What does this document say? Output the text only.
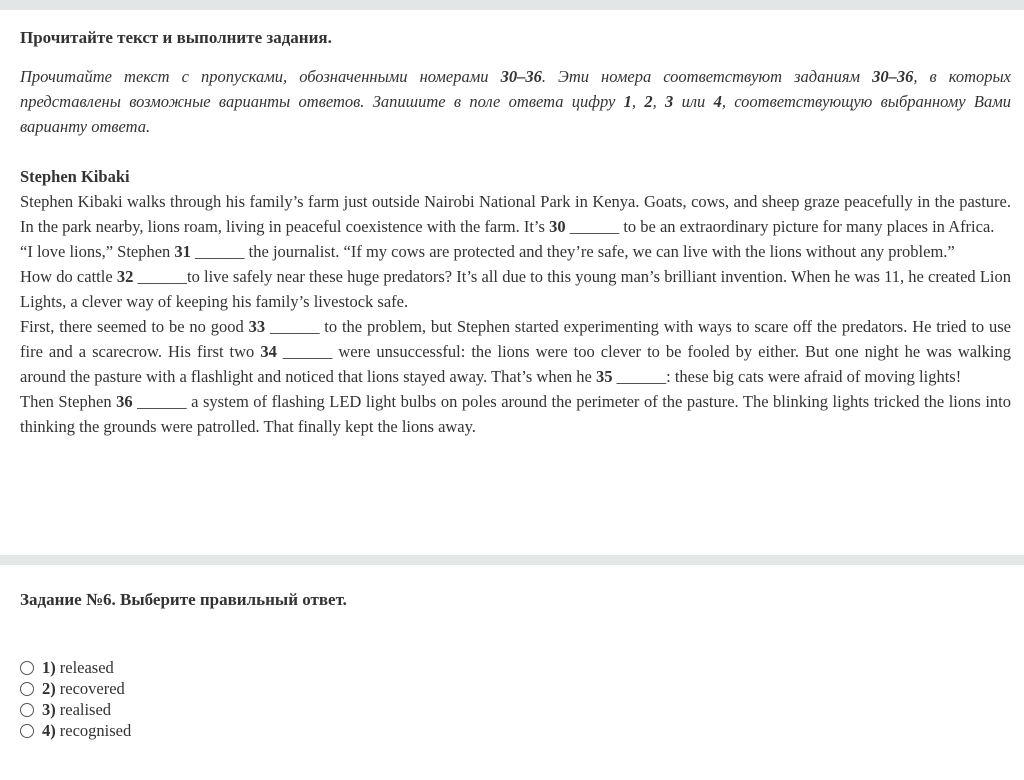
Прочитайте текст и выполните задания.

Прочитайте текст с пропусками, обозначенными номерами 30–36. Эти номера соответствуют заданиям 30–36, в которых представлены возможные варианты ответов. Запишите в поле ответа цифру 1, 2, 3 или 4, соответствующую выбранному Вами варианту ответа.

Stephen Kibaki

Stephen Kibaki walks through his family’s farm just outside Nairobi National Park in Kenya. Goats, cows, and sheep graze peacefully in the pasture. In the park nearby, lions roam, living in peaceful coexistence with the farm. It’s 30 ______ to be an extraordinary picture for many places in Africa.

“I love lions,” Stephen 31 ______ the journalist. “If my cows are protected and they’re safe, we can live with the lions without any problem.”

How do cattle 32 ______to live safely near these huge predators? It’s all due to this young man’s brilliant invention. When he was 11, he created Lion Lights, a clever way of keeping his family’s livestock safe.

First, there seemed to be no good 33 ______ to the problem, but Stephen started experimenting with ways to scare off the predators. He tried to use fire and a scarecrow. His first two 34 ______ were unsuccessful: the lions were too clever to be fooled by either. But one night he was walking around the pasture with a flashlight and noticed that lions stayed away. That’s when he 35 ______: these big cats were afraid of moving lights!

Then Stephen 36 ______ a system of flashing LED light bulbs on poles around the perimeter of the pasture. The blinking lights tricked the lions into thinking the grounds were patrolled. That finally kept the lions away.

Задание №6. Выберите правильный ответ.
1) released
2) recovered
3) realised
4) recognised
